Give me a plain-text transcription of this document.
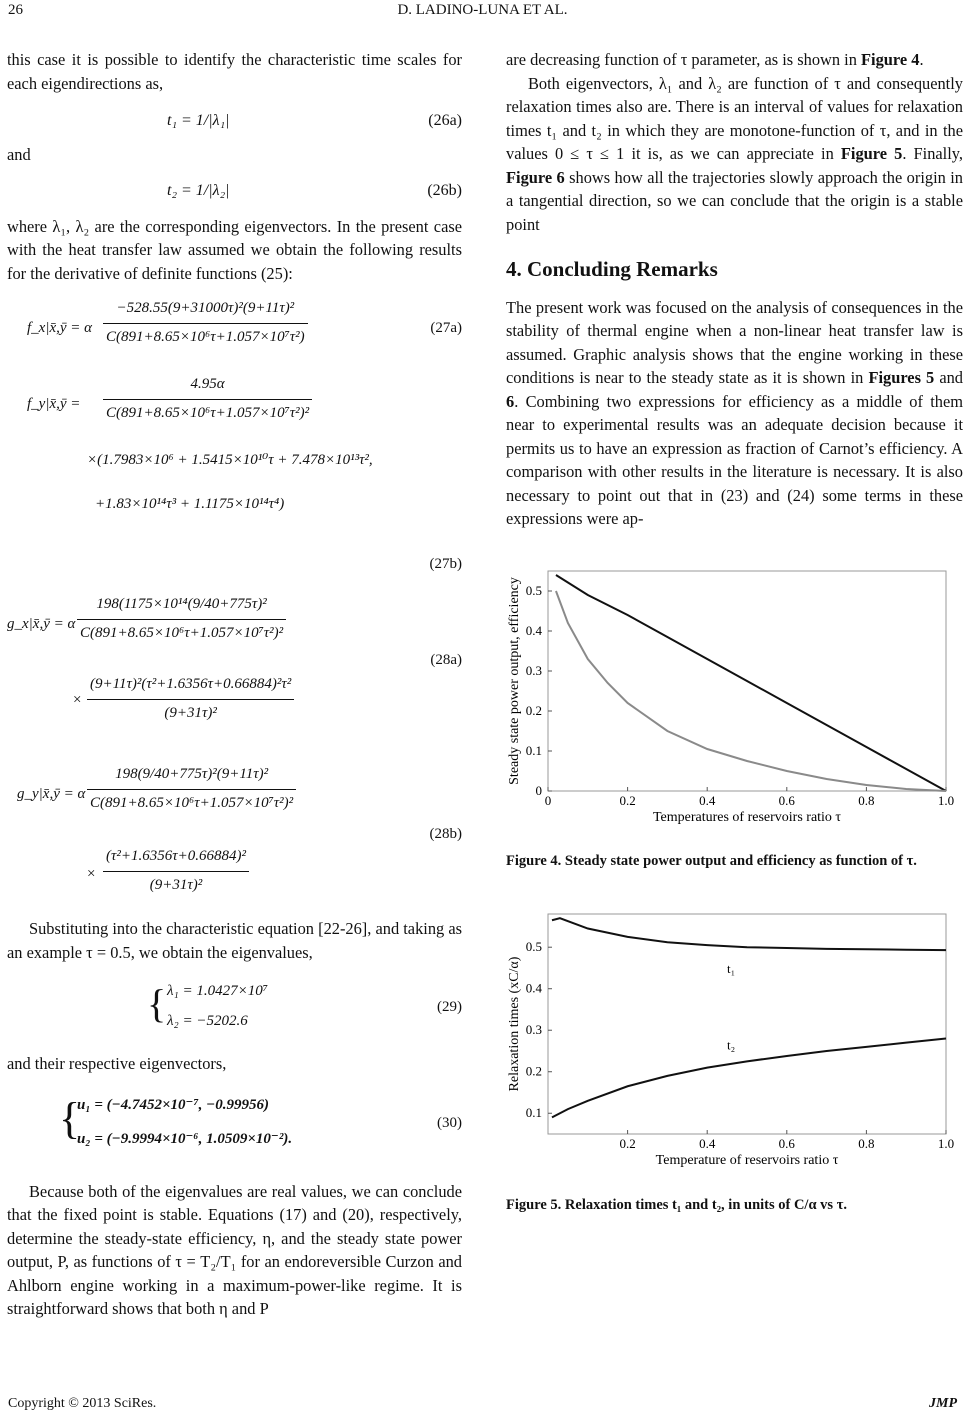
26	D. LADINO-LUNA ET AL.

this case it is possible to identify the characteristic time scales for each eigendirections as,

t₁ = 1/|λ₁|	(26a)

and

t₂ = 1/|λ₂|	(26b)

where λ₁, λ₂ are the corresponding eigenvectors. In the present case with the heat transfer law assumed we obtain the following results for the derivative of definite functions (25):

f_x|x̄,ȳ = α $\frac{\text{−528.55(9+31000τ)²(9+11τ)²}}{\text{C(891+8.65×10⁶τ+1.057×10⁷τ²)}}$	(27a)
f_y|x̄,ȳ = $\frac{4.95\alpha}{\text{C(891+8.65×10⁶τ+1.057×10⁷τ²)²}}$
×(1.7983×10⁶ + 1.5415×10¹⁰τ + 7.478×10¹³τ²,
+1.83×10¹⁴τ³ + 1.1175×10¹⁴τ⁴)
(27b)
g_x|x̄,ȳ = α $\frac{\text{198(1175×10¹⁴(9/40+775τ)²}}{\text{C(891+8.65×10⁶τ+1.057×10⁷τ²)²}}$
× $\frac{\text{(9+11τ)²(τ²+1.6356τ+0.66884)²τ²}}{\text{(9+31τ)²}}$
(28a)
g_y|x̄,ȳ = α $\frac{\text{198(9/40+775τ)²(9+11τ)²}}{\text{C(891+8.65×10⁶τ+1.057×10⁷τ²)²}}$
× $\frac{\text{(τ²+1.6356τ+0.66884)²}}{\text{(9+31τ)²}}$
(28b)

Substituting into the characteristic equation [22-26], and taking as an example τ = 0.5, we obtain the eigenvalues,

{ λ₁ = 1.0427×10⁷
λ₂ = −5202.6
(29)

and their respective eigenvectors,

{
u₁ = (−4.7452×10⁻⁷, −0.99956)
u₂ = (−9.9994×10⁻⁶, 1.0509×10⁻²).
(30)

Because both of the eigenvalues are real values, we can conclude that the fixed point is stable. Equations (17) and (20), respectively, determine the steady-state efficiency, η, and the steady state power output, P, as functions of τ = T₂/T₁ for an endoreversible Curzon and Ahlborn engine working in a maximum-power-like regime. It is straightforward shows that both η and P

are decreasing function of τ parameter, as is shown in Figure 4.

Both eigenvectors, λ₁ and λ₂ are function of τ and consequently relaxation times also are. There is an interval of values for relaxation times t₁ and t₂ in which they are monotone-function of τ, and in the values 0 ≤ τ ≤ 1 it is, as we can appreciate in Figure 5. Finally, Figure 6 shows how all the trajectories slowly approach the origin in a tangential direction, so we can conclude that the origin is a stable point

4. Concluding Remarks

The present work was focused on the analysis of consequences in the stability of thermal engine when a non-linear heat transfer law is assumed. Graphic analysis shows that the engine working in these conditions is near to the steady state as it is shown in Figures 5 and 6. Combining two expressions for efficiency as a middle of them near to experimental results was an adequate decision because it permits us to have an expression as fraction of Carnot’s efficiency. A comparison with other results in the literature is necessary. It is also necessary to point out that in (23) and (24) some terms in these expressions were ap-

0	0.2	0.4	0.6	0.8	1.0
0
0.1
0.2
0.3
0.4
0.5
Temperatures of reservoirs ratio τ
Steady state power output, efficiency
Figure 4. Steady state power output and efficiency as function of τ.
0.2	0.4	0.6	0.8	1.0
0.1
0.2
0.3
0.4
0.5
Temperature of reservoirs ratio τ
Relaxation times (xC/α)	t₁
t₂
Figure 5. Relaxation times t₁ and t₂, in units of C/α vs τ.
Copyright © 2013 SciRes.	JMP
